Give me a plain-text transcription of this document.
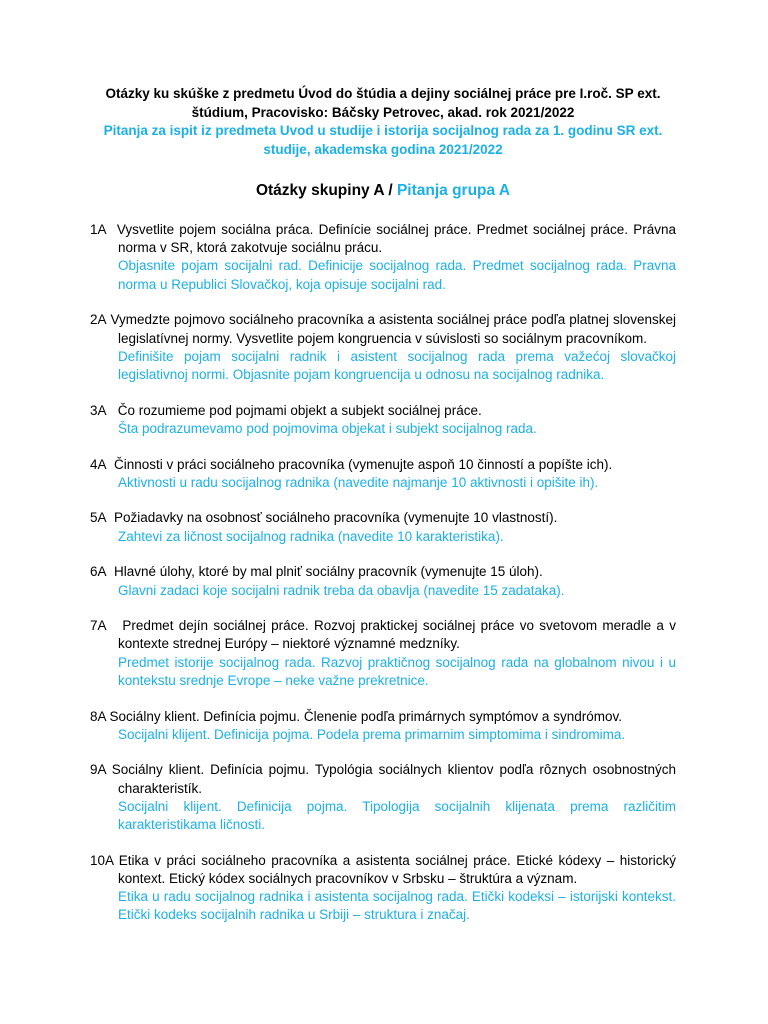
Otázky ku skúške z predmetu Úvod do štúdia a dejiny sociálnej práce pre I.roč. SP ext. štúdium, Pracovisko: Báčsky Petrovec, akad. rok 2021/2022
Pitanja za ispit iz predmeta Uvod u studije i istorija socijalnog rada za 1. godinu SR ext. studije, akademska godina 2021/2022
Otázky skupiny A / Pitanja grupa A
1A Vysvetlite pojem sociálna práca. Definície sociálnej práce. Predmet sociálnej práce. Právna norma v SR, ktorá zakotvuje sociálnu prácu.
Objasnite pojam socijalni rad. Definicije socijalnog rada. Predmet socijalnog rada. Pravna norma u Republici Slovačkoj, koja opisuje socijalni rad.
2A Vymedzte pojmovo sociálneho pracovníka a asistenta sociálnej práce podľa platnej slovenskej legislatívnej normy. Vysvetlite pojem kongruencia v súvislosti so sociálnym pracovníkom.
Definišite pojam socijalni radnik i asistent socijalnog rada prema važećoj slovačkoj legislativnoj normi. Objasnite pojam kongruencija u odnosu na socijalnog radnika.
3A Čo rozumieme pod pojmami objekt a subjekt sociálnej práce.
Šta podrazumevamo pod pojmovima objekat i subjekt socijalnog rada.
4A Činnosti v práci sociálneho pracovníka (vymenujte aspoň 10 činností a popíšte ich).
Aktivnosti u radu socijalnog radnika (navedite najmanje 10 aktivnosti i opišite ih).
5A Požiadavky na osobnosť sociálneho pracovníka (vymenujte 10 vlastností).
Zahtevi za ličnost socijalnog radnika (navedite 10 karakteristika).
6A Hlavné úlohy, ktoré by mal plniť sociálny pracovník (vymenujte 15 úloh).
Glavni zadaci koje socijalni radnik treba da obavlja (navedite 15 zadataka).
7A Predmet dejín sociálnej práce. Rozvoj praktickej sociálnej práce vo svetovom meradle a v kontexte strednej Európy – niektoré významné medzníky.
Predmet istorije socijalnog rada. Razvoj praktičnog socijalnog rada na globalnom nivou i u kontekstu srednje Evrope – neke važne prekretnice.
8A Sociálny klient. Definícia pojmu. Členenie podľa primárnych symptómov a syndrómov.
Socijalni klijent. Definicija pojma. Podela prema primarnim simptomima i sindromima.
9A Sociálny klient. Definícia pojmu. Typológia sociálnych klientov podľa rôznych osobnostných charakteristík.
Socijalni klijent. Definicija pojma. Tipologija socijalnih klijenata prema različitim karakteristikama ličnosti.
10A Etika v práci sociálneho pracovníka a asistenta sociálnej práce. Etické kódexy – historický kontext. Etický kódex sociálnych pracovníkov v Srbsku – štruktúra a význam.
Etika u radu socijalnog radnika i asistenta socijalnog rada. Etički kodeksi – istorijski kontekst. Etički kodeks socijalnih radnika u Srbiji – struktura i značaj.
